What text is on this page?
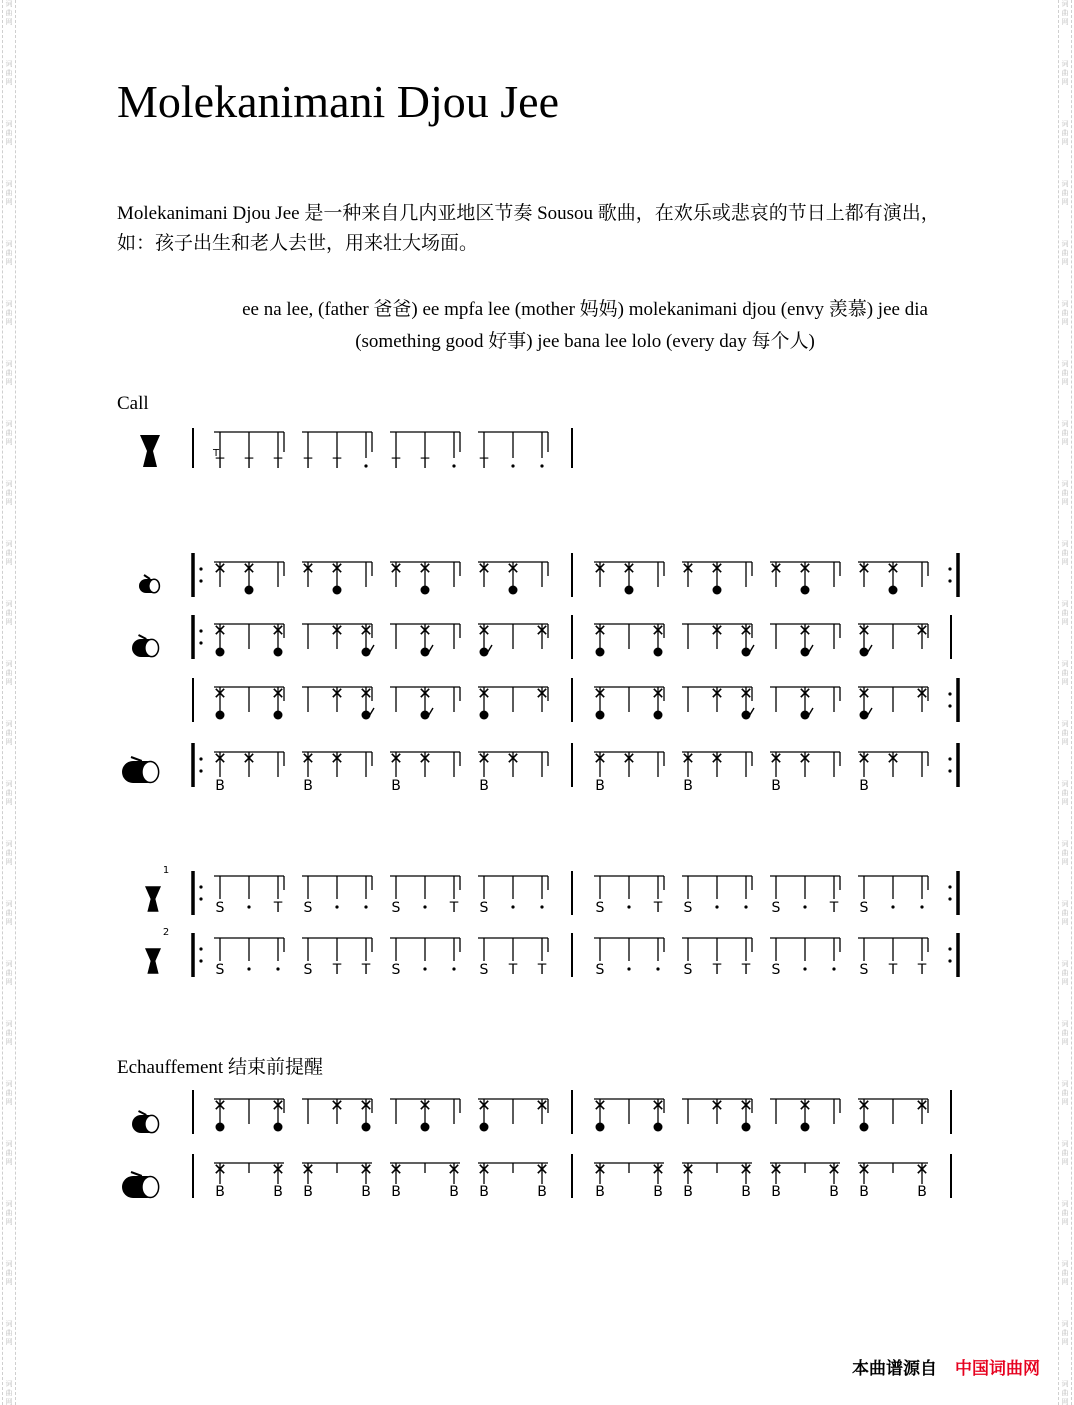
词
曲
网
词
曲
网
词
曲
网
词
曲
网
词
曲
网
词
曲
网
词
曲
网
词
曲
网
词
曲
网
词
曲
网
词
曲
网
词
曲
网
词
曲
网
词
曲
网
词
曲
网
词
曲
网
词
曲
网
词
曲
网
词
曲
网
词
曲
网
词
曲
网
词
曲
网
词
曲
网
词
曲
网
词
曲
网
词
曲
网
词
曲
网
词
曲
网
词
曲
网
词
曲
网
词
曲
网
词
曲
网
词
曲
网
词
曲
网
词
曲
网
词
曲
网
词
曲
网
词
曲
网
词
曲
网
词
曲
网
词
曲
网
词
曲
网
词
曲
网
词
曲
网
词
曲
网
词
曲
网
词
曲
网
词
曲
网
Molekanimani Djou Jee

Molekanimani Djou Jee 是一种来自几内亚地区节奏 Sousou 歌曲，在欢乐或悲哀的节日上都有演出，如：孩子出生和老人去世，用来壮大场面。

ee na lee, (father 爸爸) ee mpfa lee (mother 妈妈) molekanimani djou (envy 羡慕) jee dia (something good 好事) jee bana lee lolo (every day 每个人)

Call
Echauffement 结束前提醒
T T T
T
T T	T T	T
B	B	B	B	B	B	B	B
1
S	T S	S	T S	S	T S	S	T S
2
S	S T T S	S T T	S	S T T S	S T T
B	B B	B B	B B	B	B	B B	B B	B B	B
本曲谱源自 中国词曲网
